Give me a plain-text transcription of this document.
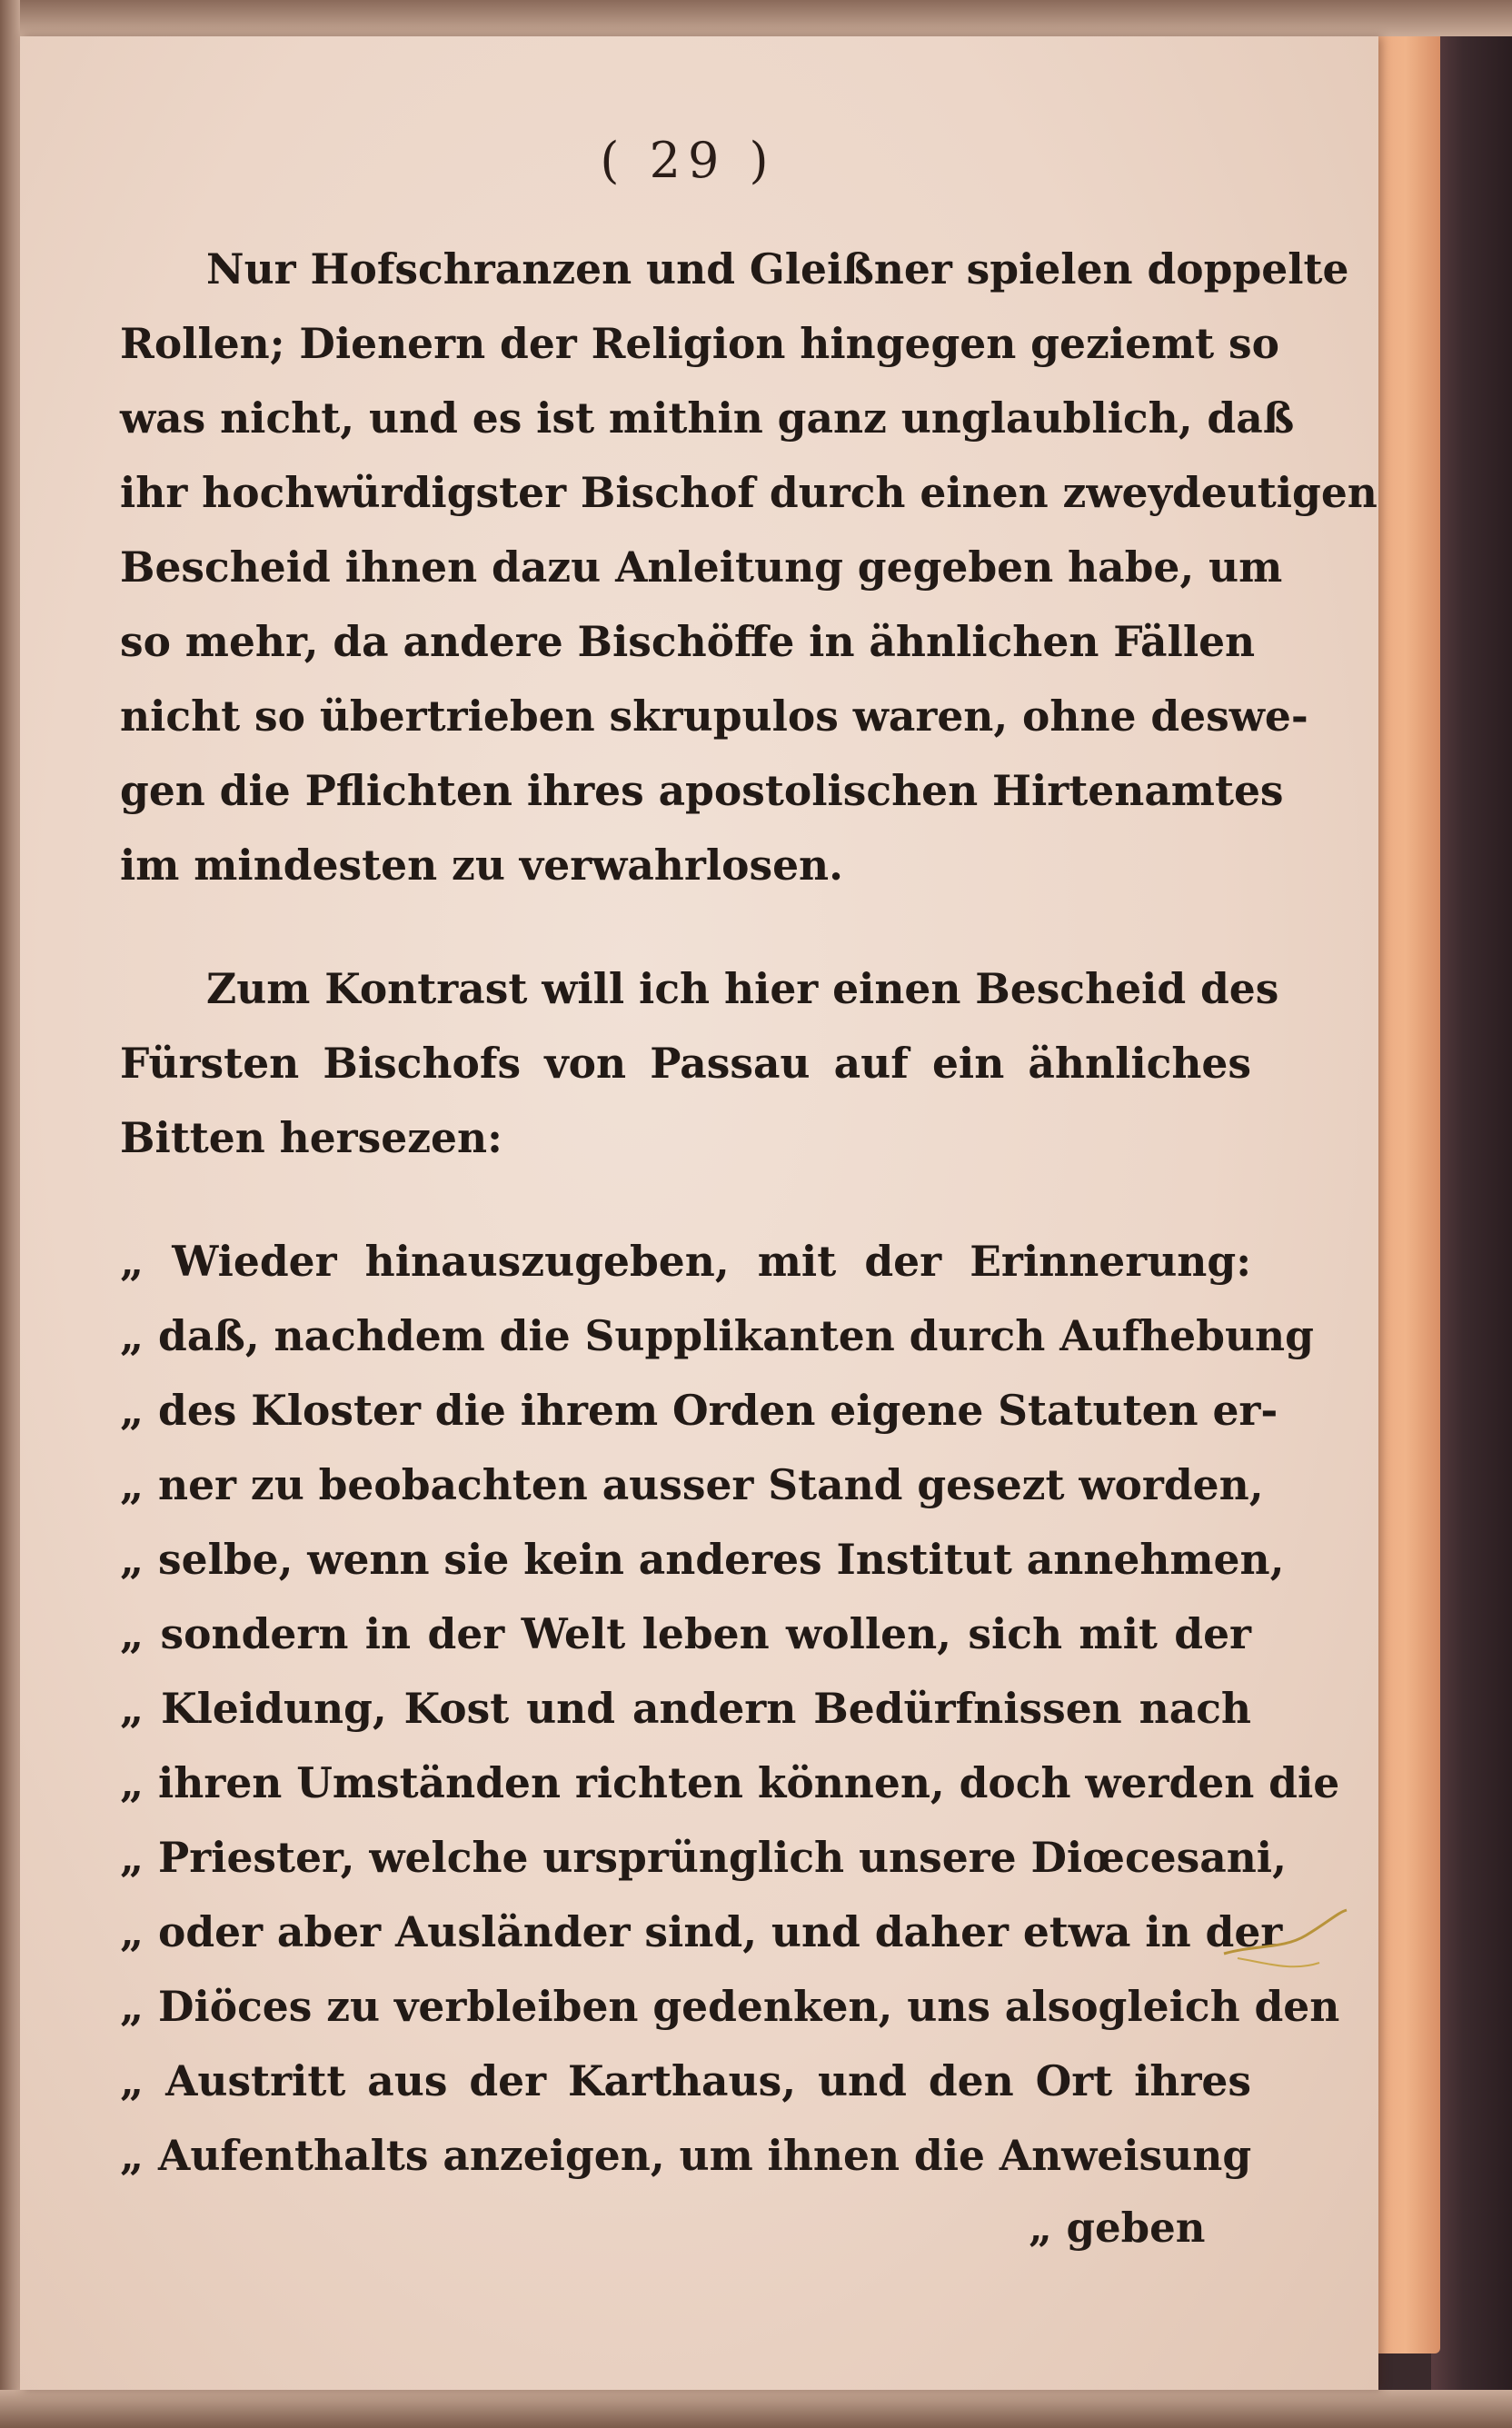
( 29 )
Nur Hofschranzen und Gleißner spielen doppelte
Rollen; Dienern der Religion hingegen geziemt so
was nicht, und es ist mithin ganz unglaublich, daß
ihr hochwürdigster Bischof durch einen zweydeutigen
Bescheid ihnen dazu Anleitung gegeben habe, um
so mehr, da andere Bischöffe in ähnlichen Fällen
nicht so übertrieben skrupulos waren, ohne deswe-
gen die Pflichten ihres apostolischen Hirtenamtes
im mindesten zu verwahrlosen.
Zum Kontrast will ich hier einen Bescheid des
Fürsten Bischofs von Passau auf ein ähnliches
Bitten hersezen:
„ Wieder hinauszugeben, mit der Erinnerung:
„ daß, nachdem die Supplikanten durch Aufhebung
„ des Kloster die ihrem Orden eigene Statuten er-
„ ner zu beobachten ausser Stand gesezt worden,
„ selbe, wenn sie kein anderes Institut annehmen,
„ sondern in der Welt leben wollen, sich mit der
„ Kleidung, Kost und andern Bedürfnissen nach
„ ihren Umständen richten können, doch werden die
„ Priester, welche ursprünglich unsere Diœcesani,
„ oder aber Ausländer sind, und daher etwa in der
„ Diöces zu verbleiben gedenken, uns alsogleich den
„ Austritt aus der Karthaus, und den Ort ihres
„ Aufenthalts anzeigen, um ihnen die Anweisung
„ geben
